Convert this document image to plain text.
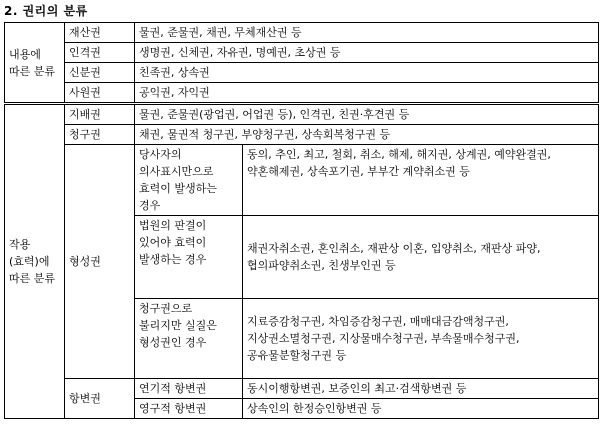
2. 권리의 분류
내용에 따른 분류	재산권	물권, 준물권, 채권, 무체재산권 등	
	인격권	생명권, 신체권, 자유권, 명예권, 초상권 등	
	신분권	친족권, 상속권	
	사원권	공익권, 자익권	
작용(효력)에 따른 분류	지배권	물권, 준물권(광업권, 어업권 등), 인격권, 친권·후견권 등	
	청구권	채권, 물권적 청구권, 부양청구권, 상속회복청구권 등	
	형성권	당사자의 의사표시만으로 효력이 발생하는 경우	동의, 추인, 최고, 철회, 취소, 해제, 해지권, 상계권, 예약완결권, 약혼해제권, 상속포기권, 부부간 계약취소권 등
		법원의 판결이 있어야 효력이 발생하는 경우	채권자취소권, 혼인취소, 재판상 이혼, 입양취소, 재판상 파양, 협의파양취소권, 친생부인권 등
		청구권으로 불리지만 실질은 형성권인 경우	지료증감청구권, 차임증감청구권, 매매대금감액청구권, 지상권소멸청구권, 지상물매수청구권, 부속물매수청구권, 공유물분할청구권 등
	항변권	연기적 항변권	동시이행항변권, 보증인의 최고·검색항변권 등
		영구적 항변권	상속인의 한정승인항변권 등
